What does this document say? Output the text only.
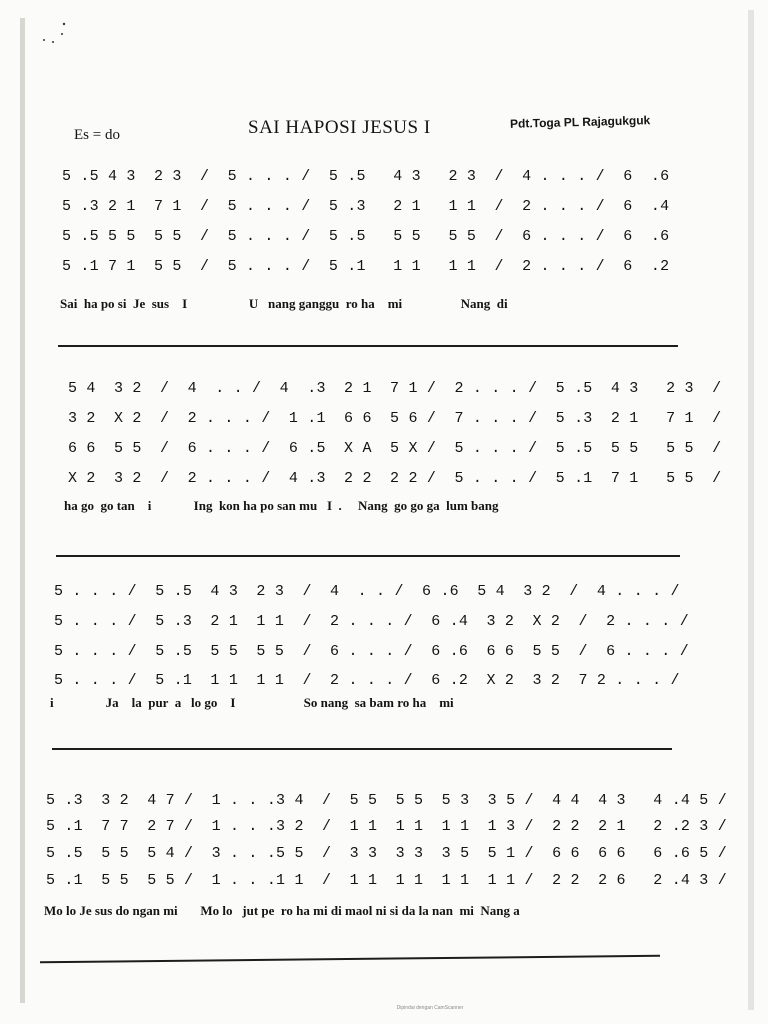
Es = do	SAI HAPOSI JESUS I	Pdt.Toga PL Rajagukguk
5 .5 4 3  2 3  /  5 . . . /  5 .5   4 3   2 3  /  4 . . . /  6  .6
5 .3 2 1  7 1  /  5 . . . /  5 .3   2 1   1 1  /  2 . . . /  6  .4
5 .5 5 5  5 5  /  5 . . . /  5 .5   5 5   5 5  /  6 . . . /  6  .6
5 .1 7 1  5 5  /  5 . . . /  5 .1   1 1   1 1  /  2 . . . /  6  .2
Sai  ha po si  Je  sus    I                   U   nang ganggu  ro ha    mi                  Nang  di
5 4  3 2  /  4  . . /  4  .3  2 1  7 1 /  2 . . . /  5 .5  4 3   2 3  /
3 2  X 2  /  2 . . . /  1 .1  6 6  5 6 /  7 . . . /  5 .3  2 1   7 1  /
6 6  5 5  /  6 . . . /  6 .5  X A  5 X /  5 . . . /  5 .5  5 5   5 5  /
X 2  3 2  /  2 . . . /  4 .3  2 2  2 2 /  5 . . . /  5 .1  7 1   5 5  /
ha go  go tan    i             Ing  kon ha po san mu   I  .     Nang  go go ga  lum bang
5 . . . /  5 .5  4 3  2 3  /  4  . . /  6 .6  5 4  3 2  /  4 . . . /
5 . . . /  5 .3  2 1  1 1  /  2 . . . /  6 .4  3 2  X 2  /  2 . . . /
5 . . . /  5 .5  5 5  5 5  /  6 . . . /  6 .6  6 6  5 5  /  6 . . . /
5 . . . /  5 .1  1 1  1 1  /  2 . . . /  6 .2  X 2  3 2  7 2 . . . /
i                Ja    la  pur  a   lo go    I                     So nang  sa bam ro ha    mi
5 .3  3 2  4 7 /  1 . . .3 4  /  5 5  5 5  5 3  3 5 /  4 4  4 3   4 .4 5 /
5 .1  7 7  2 7 /  1 . . .3 2  /  1 1  1 1  1 1  1 3 /  2 2  2 1   2 .2 3 /
5 .5  5 5  5 4 /  3 . . .5 5  /  3 3  3 3  3 5  5 1 /  6 6  6 6   6 .6 5 /
5 .1  5 5  5 5 /  1 . . .1 1  /  1 1  1 1  1 1  1 1 /  2 2  2 6   2 .4 3 /
Mo lo Je sus do ngan mi       Mo lo   jut pe  ro ha mi di maol ni si da la nan  mi  Nang a
Dipindai dengan CamScanner
